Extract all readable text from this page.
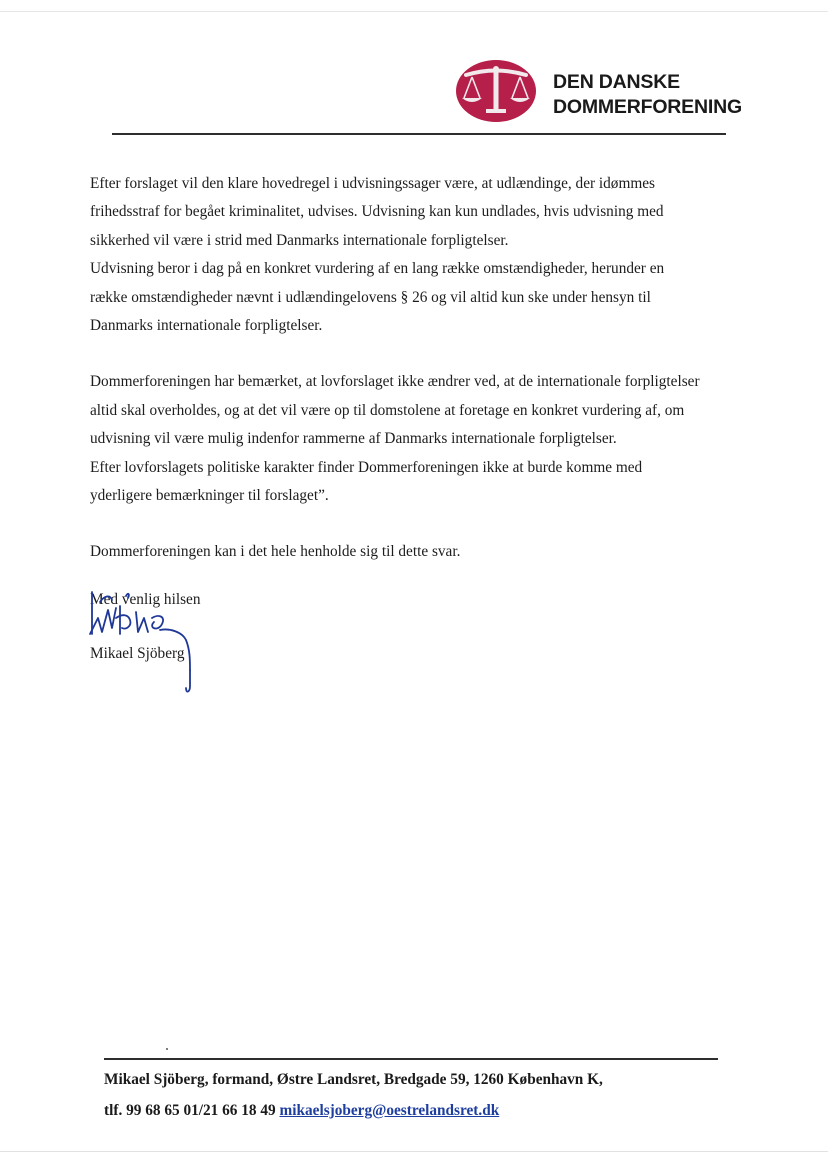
DEN DANSKE
DOMMERFORENING
Efter forslaget vil den klare hovedregel i udvisningssager være, at udlændinge, der idømmes
frihedsstraf for begået kriminalitet, udvises. Udvisning kan kun undlades, hvis udvisning med
sikkerhed vil være i strid med Danmarks internationale forpligtelser.
Udvisning beror i dag på en konkret vurdering af en lang række omstændigheder, herunder en
række omstændigheder nævnt i udlændingelovens § 26 og vil altid kun ske under hensyn til
Danmarks internationale forpligtelser.
Dommerforeningen har bemærket, at lovforslaget ikke ændrer ved, at de internationale forpligtelser
altid skal overholdes, og at det vil være op til domstolene at foretage en konkret vurdering af, om
udvisning vil være mulig indenfor rammerne af Danmarks internationale forpligtelser.
Efter lovforslagets politiske karakter finder Dommerforeningen ikke at burde komme med
yderligere bemærkninger til forslaget”.
Dommerforeningen kan i det hele henholde sig til dette svar.
Med venlig hilsen
Mikael Sjöberg
Mikael Sjöberg, formand, Østre Landsret, Bredgade 59, 1260 København K,
tlf. 99 68 65 01/21 66 18 49 mikaelsjoberg@oestrelandsret.dk
